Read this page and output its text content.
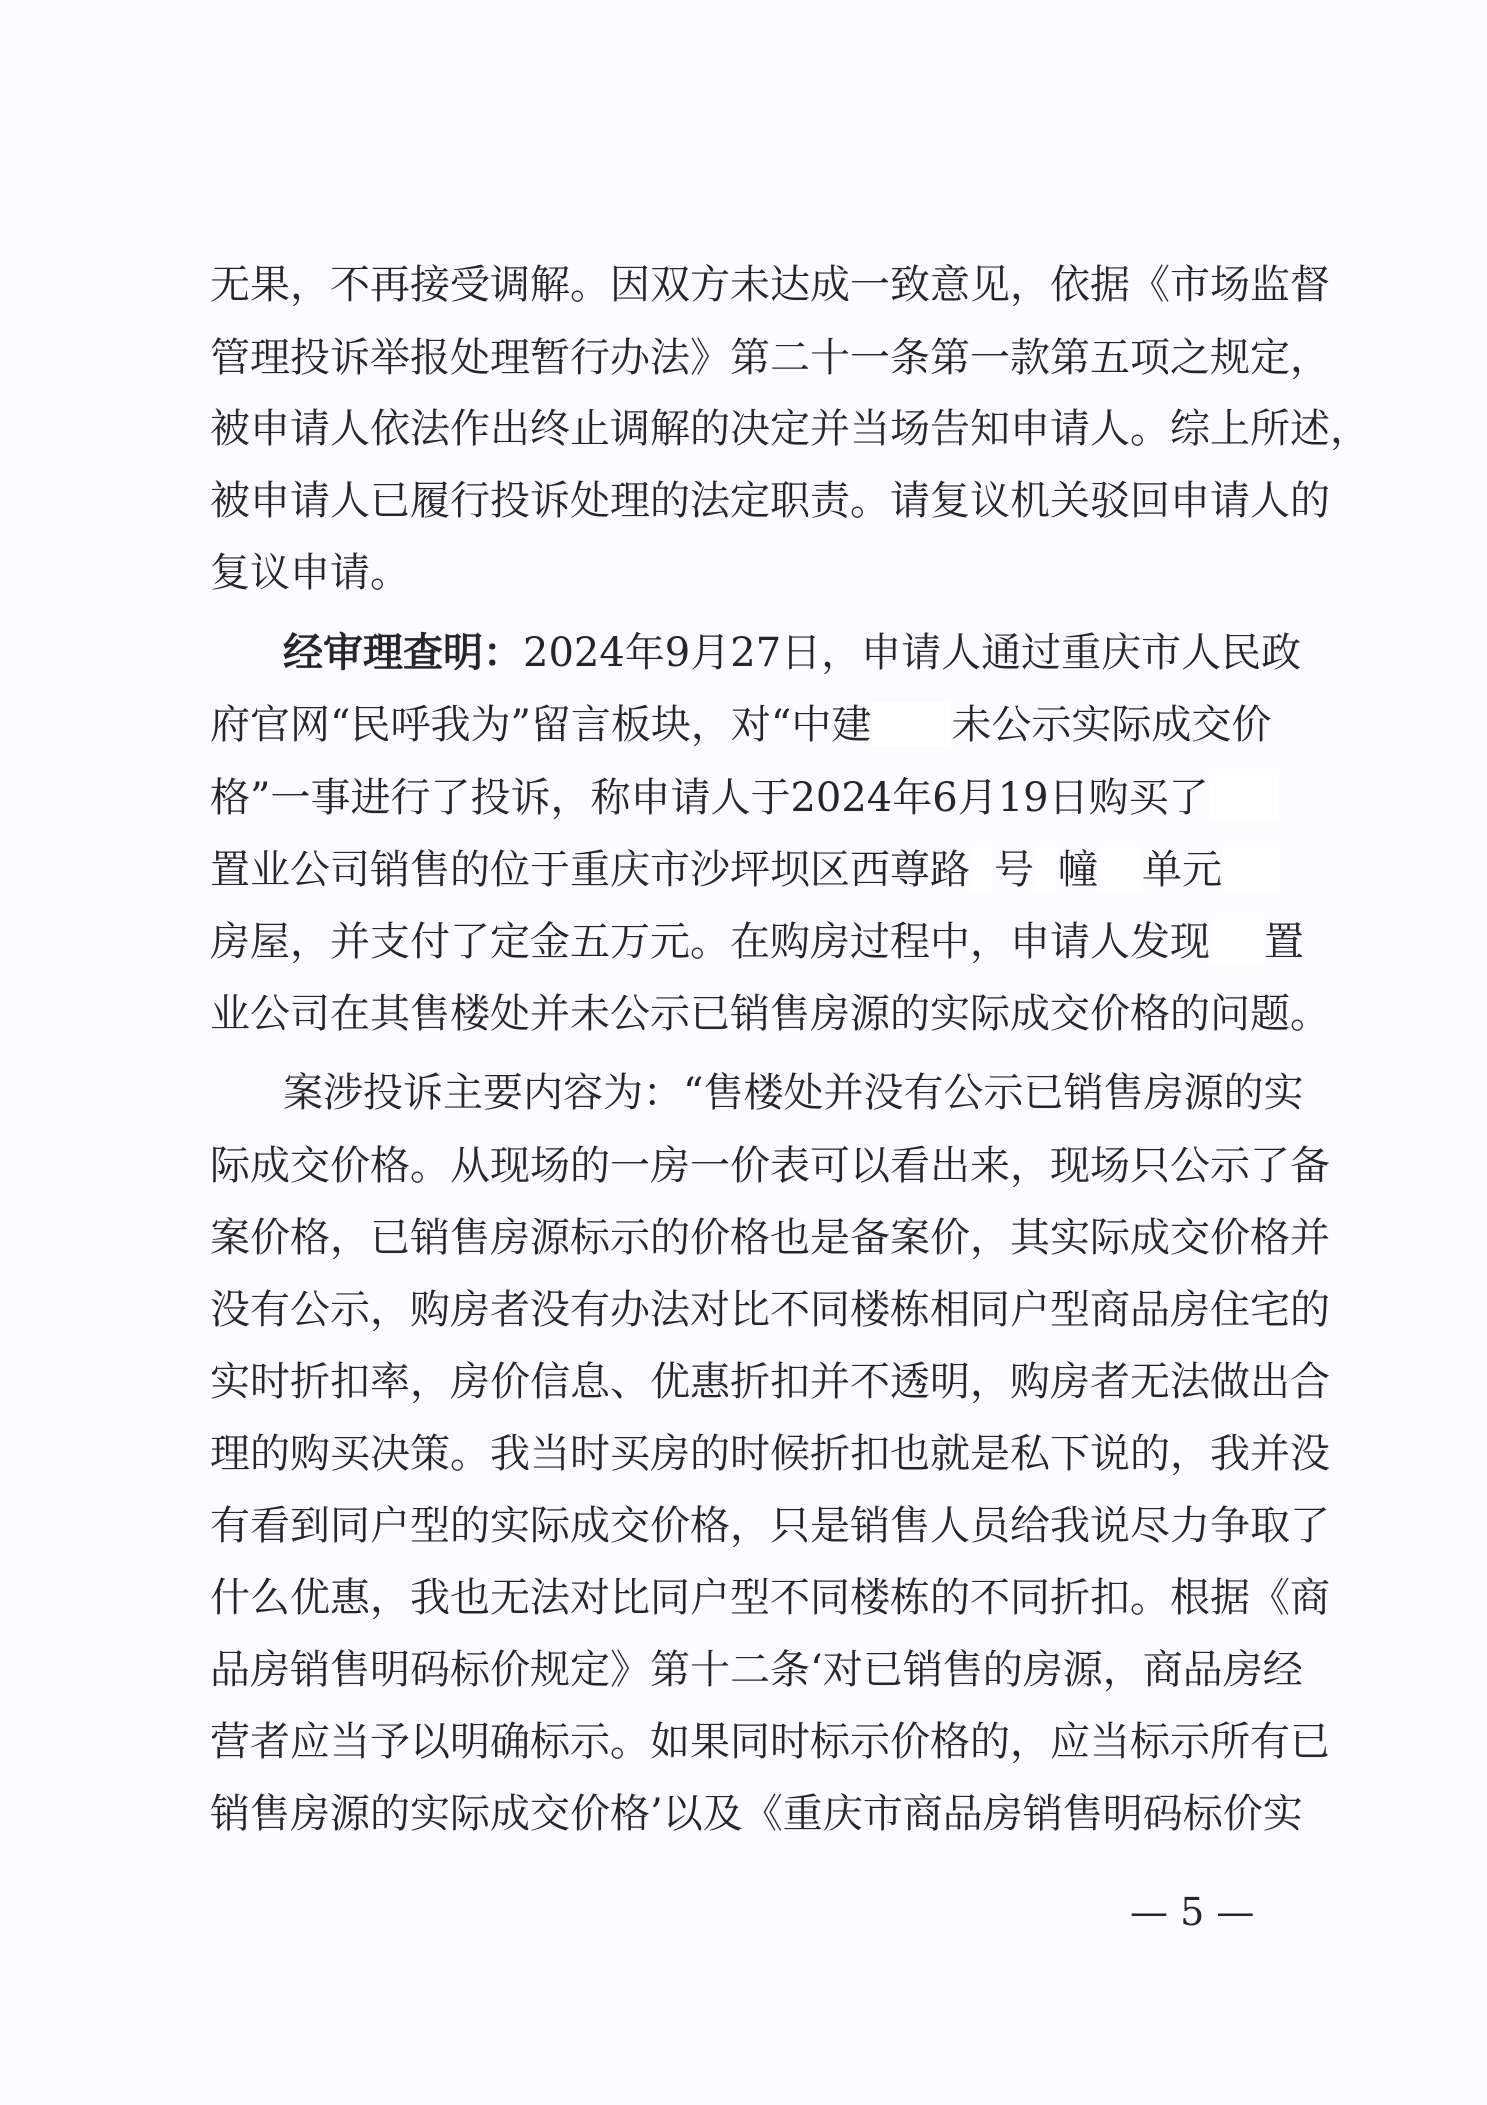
无果，不再接受调解。因双方未达成一致意见，依据《市场监督
管理投诉举报处理暂行办法》第二十一条第一款第五项之规定，
被申请人依法作出终止调解的决定并当场告知申请人。综上所述，
被申请人已履行投诉处理的法定职责。请复议机关驳回申请人的
复议申请。
经审理查明：2024年9月27日，申请人通过重庆市人民政
府官网“民呼我为”留言板块，对“中建 未公示实际成交价
格”一事进行了投诉，称申请人于2024年6月19日购买了
置业公司销售的位于重庆市沙坪坝区西尊路 号 幢 单元
房屋，并支付了定金五万元。在购房过程中，申请人发现 置
业公司在其售楼处并未公示已销售房源的实际成交价格的问题。
案涉投诉主要内容为：“售楼处并没有公示已销售房源的实
际成交价格。从现场的一房一价表可以看出来，现场只公示了备
案价格，已销售房源标示的价格也是备案价，其实际成交价格并
没有公示，购房者没有办法对比不同楼栋相同户型商品房住宅的
实时折扣率，房价信息、优惠折扣并不透明，购房者无法做出合
理的购买决策。我当时买房的时候折扣也就是私下说的，我并没
有看到同户型的实际成交价格，只是销售人员给我说尽力争取了
什么优惠，我也无法对比同户型不同楼栋的不同折扣。根据《商
品房销售明码标价规定》第十二条‘对已销售的房源，商品房经
营者应当予以明确标示。如果同时标示价格的，应当标示所有已
销售房源的实际成交价格’以及《重庆市商品房销售明码标价实
— 5 —
